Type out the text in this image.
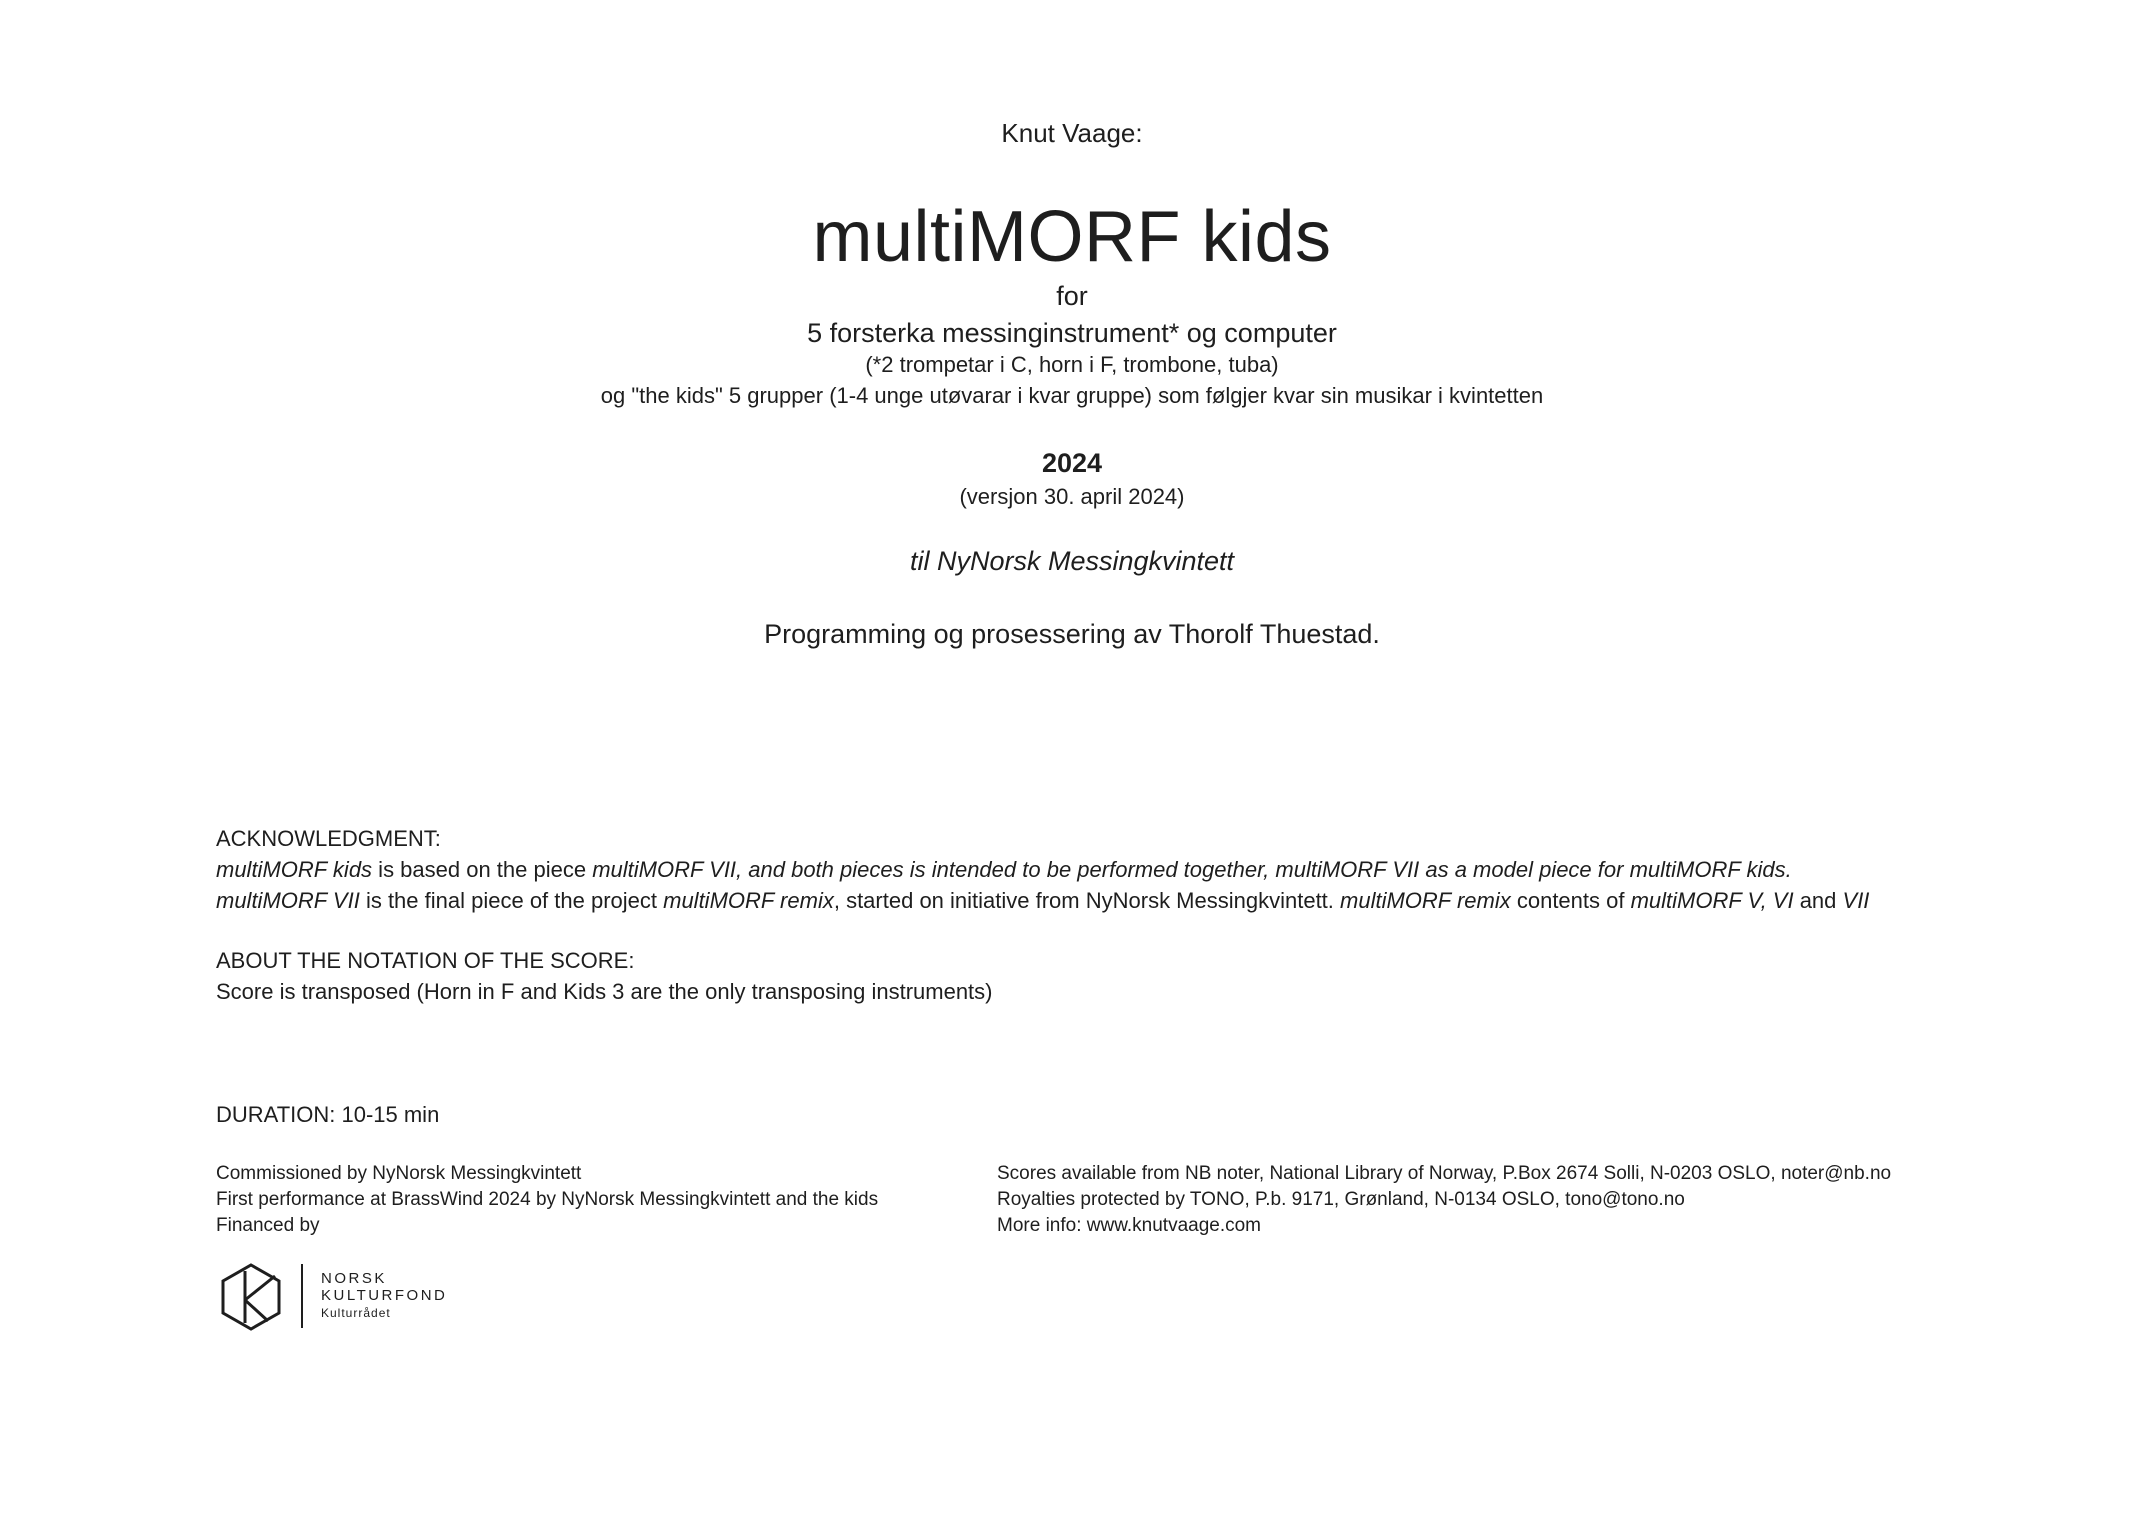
Knut Vaage:
multiMORF kids
for
5 forsterka messinginstrument* og computer
(*2 trompetar i C, horn i F, trombone, tuba)
og "the kids" 5 grupper (1-4 unge utøvarar i kvar gruppe) som følgjer kvar sin musikar i kvintetten
2024
(versjon 30. april 2024)
til NyNorsk Messingkvintett
Programming og prosessering av Thorolf Thuestad.
ACKNOWLEDGMENT:
multiMORF kids is based on the piece multiMORF VII, and both pieces is intended to be performed together, multiMORF VII as a model piece for multiMORF kids.
multiMORF VII is the final piece of the project multiMORF remix, started on initiative from NyNorsk Messingkvintett. multiMORF remix contents of multiMORF V, VI and VII
ABOUT THE NOTATION OF THE SCORE:
Score is transposed (Horn in F and Kids 3 are the only transposing instruments)
DURATION: 10-15 min
Commissioned by NyNorsk Messingkvintett
First performance at BrassWind 2024 by NyNorsk Messingkvintett and the kids
Financed by
Scores available from NB noter, National Library of Norway, P.Box 2674 Solli, N-0203 OSLO, noter@nb.no
Royalties protected by TONO, P.b. 9171, Grønland, N-0134 OSLO, tono@tono.no
More info: www.knutvaage.com
NORSK
KULTURFOND
Kulturrådet
